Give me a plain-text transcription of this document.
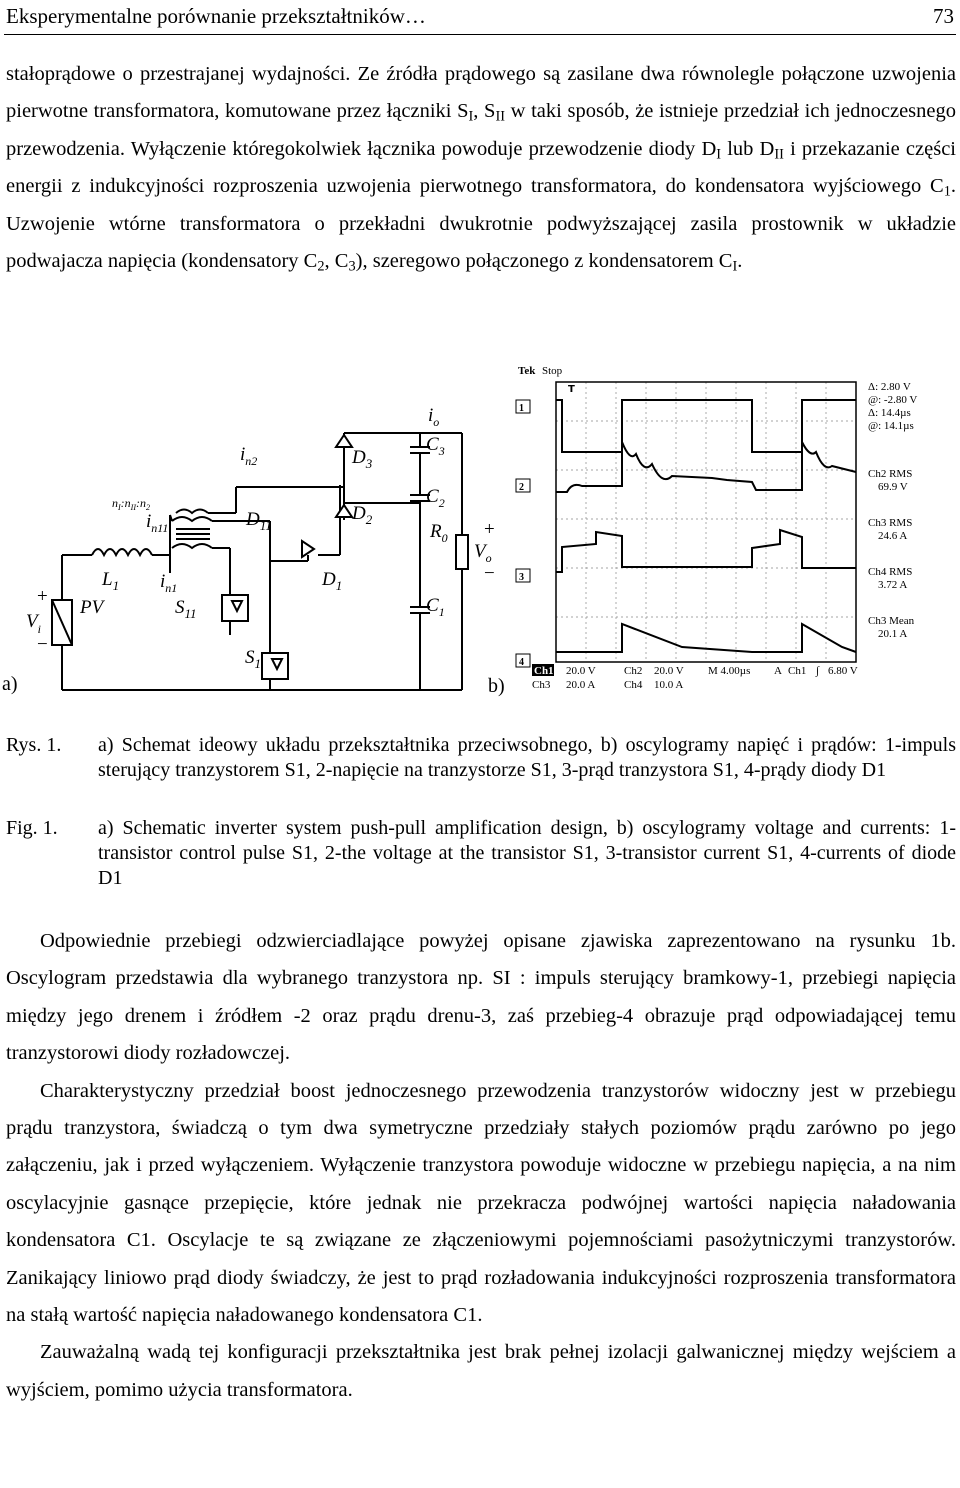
Eksperymentalne porównanie przekształtników…	73

stałoprądowe o przestrajanej wydajności. Ze źródła prądowego są zasilane dwa równolegle połączone uzwojenia pierwotne transformatora, komutowane przez łączniki $S_I$, $S_{II}$ w taki sposób, że istnieje przedział ich jednoczesnego przewodzenia. Wyłączenie któregokolwiek łącznika powoduje przewodzenie diody $D_I$ lub $D_{II}$ i przekazanie części energii z indukcyjności rozproszenia uzwojenia pierwotnego transformatora, do kondensatora wyjściowego $C_1$. Uzwojenie wtórne transformatora o przekładni dwukrotnie podwyższającej zasila prostownik w układzie podwajacza napięcia (kondensatory $C_2$, $C_3$), szeregowo połączonego z kondensatorem $C_I$.

$V_i$
+
−
PV
$L_1$
$n_I:n_{II}:n_2$
$i_{n11}$
$i_{n1}$
$i_{n2}$
$D_{11}$
$D_1$
$D_2$
$D_3$
$S_{11}$
$S_1$
$i_o$
$C_3$
$C_2$
$R_0$
$C_1$
$V_o$
+
−
a)	b)
Tek Stop
T
1
2
3
4
Δ: 2.80 V
@: -2.80 V
Δ: 14.4µs
@: 14.1µs
Ch2 RMS
69.9 V
Ch3 RMS
24.6 A
Ch4 RMS
3.72 A
Ch3 Mean
20.1 A
Ch1 20.0 V	Ch2 20.0 V M 4.00µs A Ch1 ∫ 6.80 V
Ch3 20.0 A	Ch4 10.0 A
Rys. 1. a) Schemat ideowy układu przekształtnika przeciwsobnego, b) oscylogramy napięć i prądów: 1-impuls sterujący tranzystorem S1, 2-napięcie na tranzystorze S1, 3-prąd tranzystora S1, 4-prądy diody D1
Fig. 1. a) Schematic inverter system push-pull amplification design, b) oscylogramy voltage and currents: 1-transistor control pulse S1, 2-the voltage at the transistor S1, 3-transistor current S1, 4-currents of diode D1

Odpowiednie przebiegi odzwierciadlające powyżej opisane zjawiska zaprezentowano na rysunku 1b. Oscylogram przedstawia dla wybranego tranzystora np. SI : impuls sterujący bramkowy-1, przebiegi napięcia między jego drenem i źródłem -2 oraz prądu drenu-3, zaś przebieg-4 obrazuje prąd odpowiadającej temu tranzystorowi diody rozładowczej.

Charakterystyczny przedział boost jednoczesnego przewodzenia tranzystorów widoczny jest w przebiegu prądu tranzystora, świadczą o tym dwa symetryczne przedziały stałych poziomów prądu zarówno po jego załączeniu, jak i przed wyłączeniem. Wyłączenie tranzystora powoduje widoczne w przebiegu napięcia, a na nim oscylacyjnie gasnące przepięcie, które jednak nie przekracza podwójnej wartości napięcia naładowania kondensatora C1. Oscylacje te są związane ze złączeniowymi pojemnościami pasożytniczymi tranzystorów. Zanikający liniowo prąd diody świadczy, że jest to prąd rozładowania indukcyjności rozproszenia transformatora na stałą wartość napięcia naładowanego kondensatora C1.

Zauważalną wadą tej konfiguracji przekształtnika jest brak pełnej izolacji galwanicznej między wejściem a wyjściem, pomimo użycia transformatora.
